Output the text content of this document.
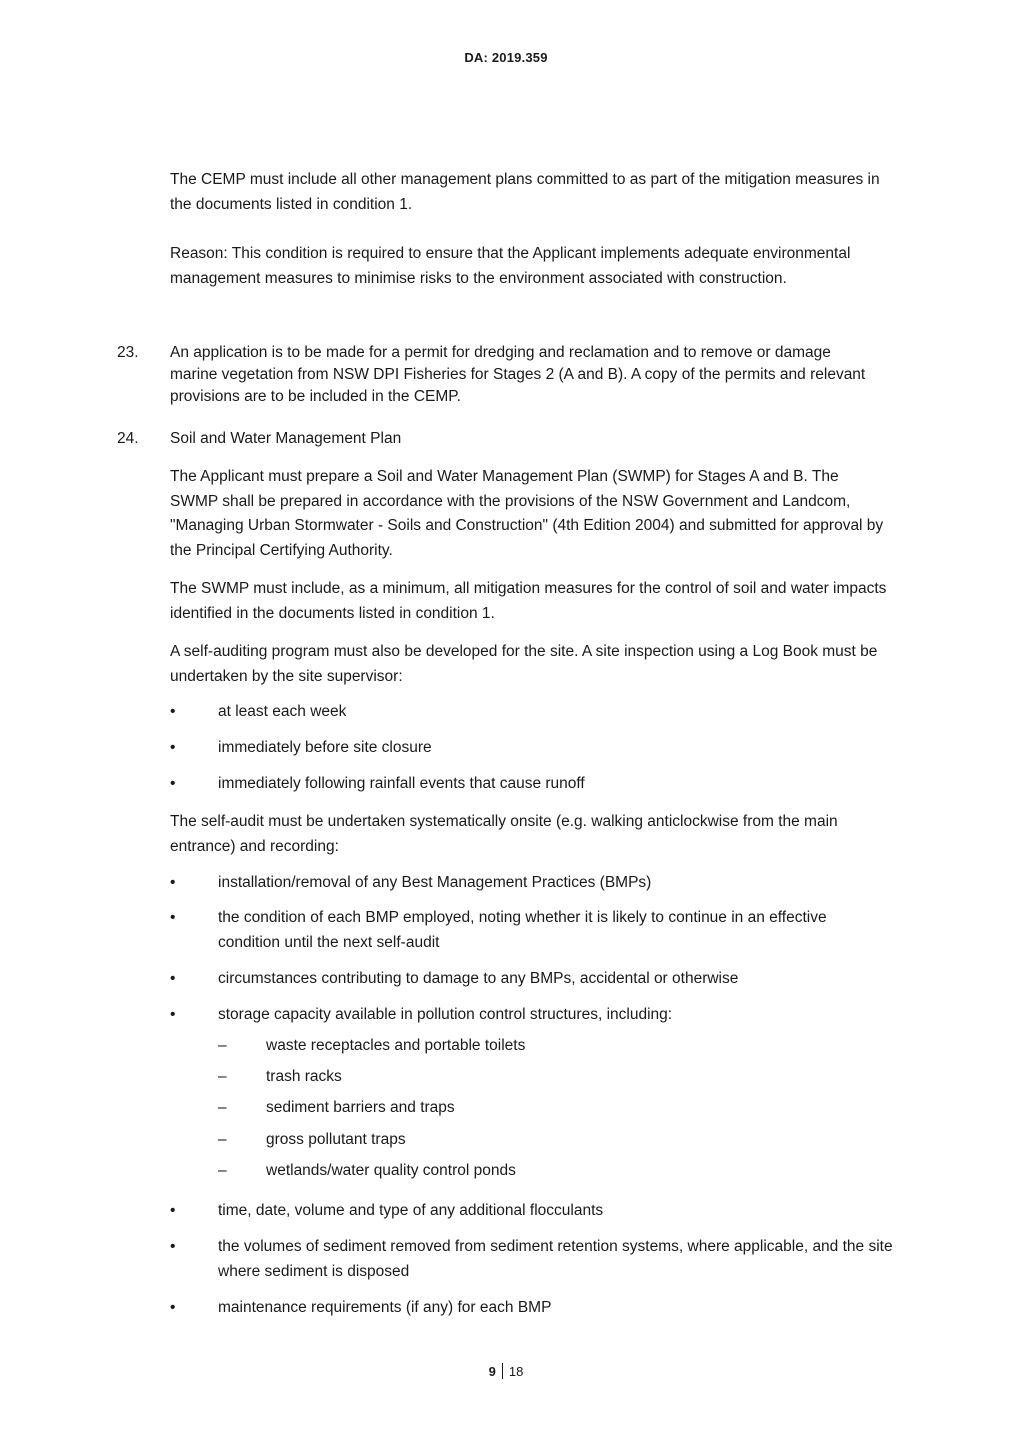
DA: 2019.359

The CEMP must include all other management plans committed to as part of the mitigation measures in the documents listed in condition 1.

Reason: This condition is required to ensure that the Applicant implements adequate environmental management measures to minimise risks to the environment associated with construction.

23. An application is to be made for a permit for dredging and reclamation and to remove or damage marine vegetation from NSW DPI Fisheries for Stages 2 (A and B). A copy of the permits and relevant provisions are to be included in the CEMP.
24. Soil and Water Management Plan

The Applicant must prepare a Soil and Water Management Plan (SWMP) for Stages A and B. The SWMP shall be prepared in accordance with the provisions of the NSW Government and Landcom, "Managing Urban Stormwater - Soils and Construction" (4th Edition 2004) and submitted for approval by the Principal Certifying Authority.

The SWMP must include, as a minimum, all mitigation measures for the control of soil and water impacts identified in the documents listed in condition 1.

A self-auditing program must also be developed for the site. A site inspection using a Log Book must be undertaken by the site supervisor:

•	at least each week
•	immediately before site closure
•	immediately following rainfall events that cause runoff

The self-audit must be undertaken systematically onsite (e.g. walking anticlockwise from the main entrance) and recording:

•	installation/removal of any Best Management Practices (BMPs)
•	the condition of each BMP employed, noting whether it is likely to continue in an effective condition until the next self-audit
•	circumstances contributing to damage to any BMPs, accidental or otherwise
•	storage capacity available in pollution control structures, including:
–	waste receptacles and portable toilets
–	trash racks
–	sediment barriers and traps
–	gross pollutant traps
–	wetlands/water quality control ponds
•	time, date, volume and type of any additional flocculants
•	the volumes of sediment removed from sediment retention systems, where applicable, and the site where sediment is disposed
•	maintenance requirements (if any) for each BMP
9 18
